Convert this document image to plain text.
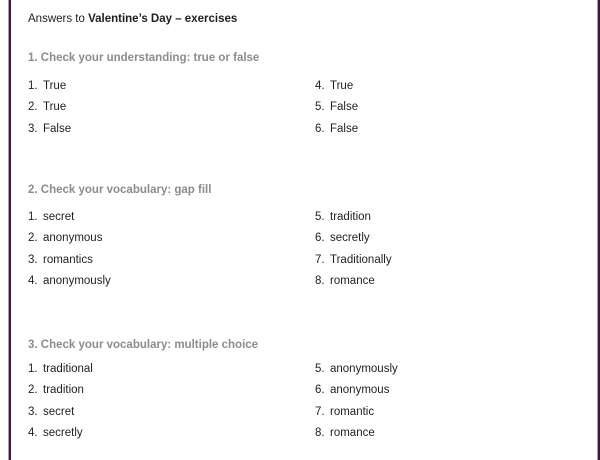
Answers to Valentine’s Day – exercises
1. Check your understanding: true or false
1. True
2. True
3. False
4. True
5. False
6. False
2. Check your vocabulary: gap fill
1. secret
2. anonymous
3. romantics
4. anonymously
5. tradition
6. secretly
7. Traditionally
8. romance
3. Check your vocabulary: multiple choice
1. traditional
2. tradition
3. secret
4. secretly
5. anonymously
6. anonymous
7. romantic
8. romance
